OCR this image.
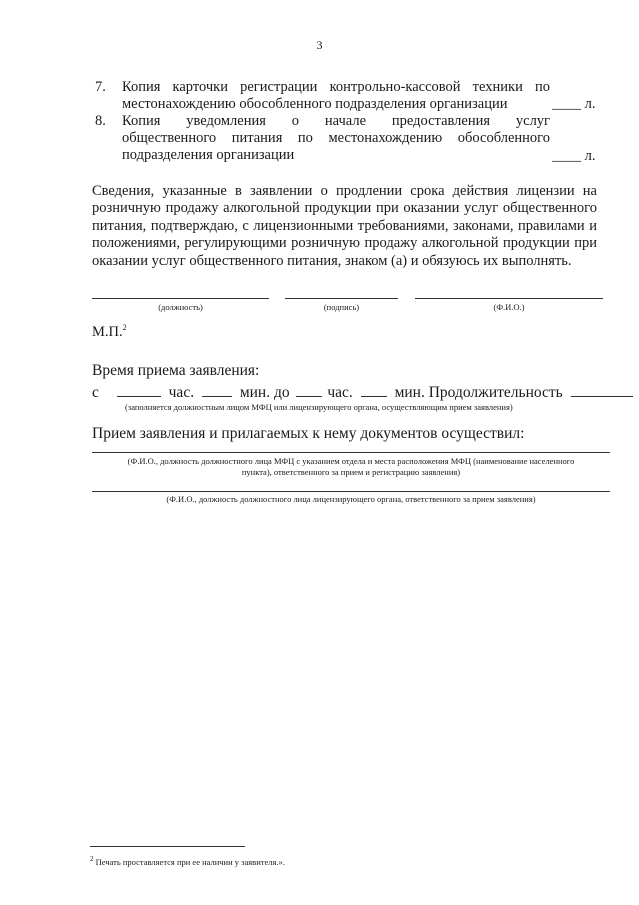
3
7. Копия карточки регистрации контрольно-кассовой техники по
местонахождению обособленного подразделения организации	____ л.
8. Копия уведомления о начале предоставления услуг
общественного питания по местонахождению обособленного
подразделения организации	____ л.
Сведения, указанные в заявлении о продлении срока действия лицензии на розничную продажу алкогольной продукции при оказании услуг общественного питания, подтверждаю, с лицензионными требованиями, законами, правилами и положениями, регулирующими розничную продажу алкогольной продукции при оказании услуг общественного питания, знаком (а) и обязуюсь их выполнять.
(должность)	(подпись)	(Ф.И.О.)
М.П.$^2$
Время приема заявления:
с	час.	мин. до час.	мин. Продолжительность
(заполняется должностным лицом МФЦ или лицензирующего органа, осуществляющим прием заявления)
Прием заявления и прилагаемых к нему документов осуществил:
(Ф.И.О., должность должностного лица МФЦ с указанием отдела и места расположения МФЦ (наименование населенного
пункта), ответственного за прием и регистрацию заявления)
(Ф.И.О., должность должностного лица лицензирующего органа, ответственного за прием заявления)
$^2$ Печать проставляется при ее наличии у заявителя.».
